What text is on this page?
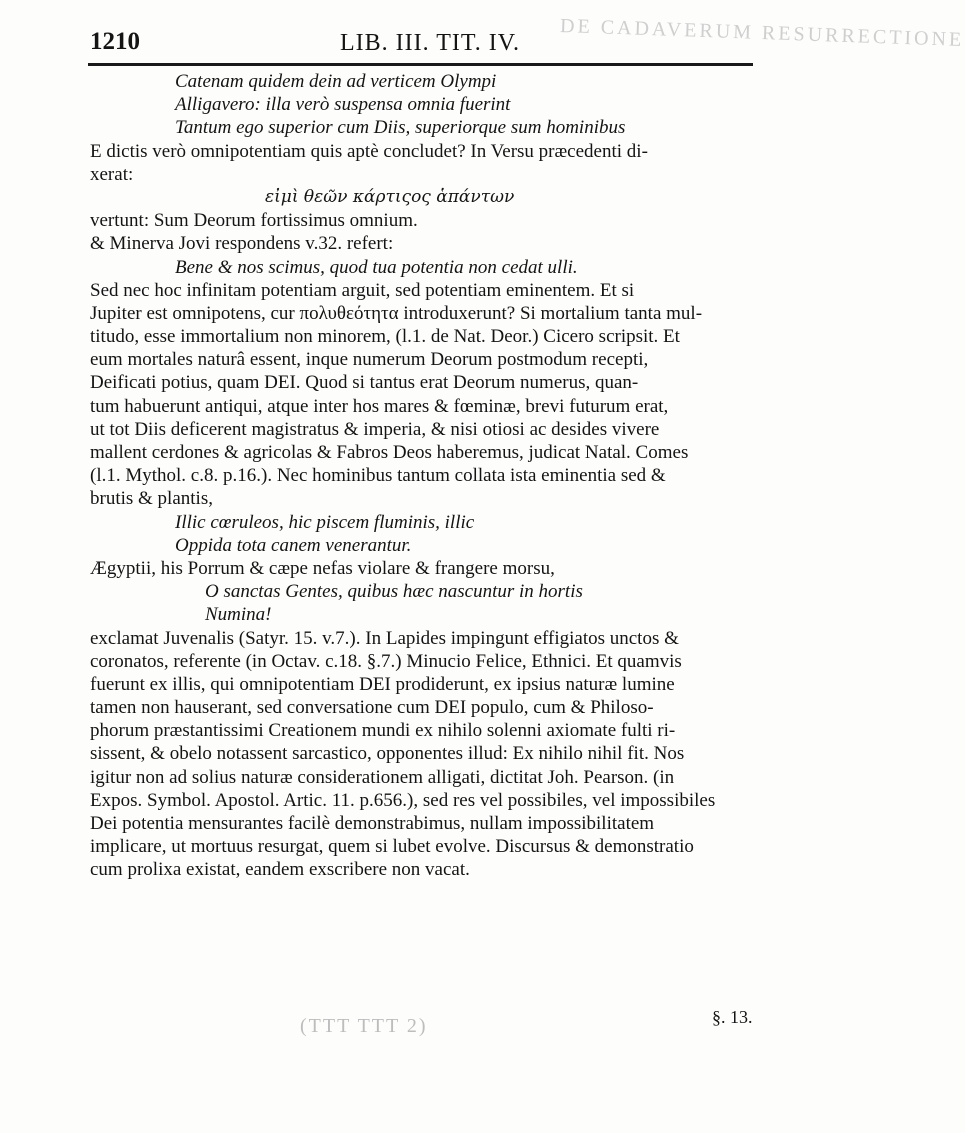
DE CADAVERUM RESURRECTIONE
1210	LIB. III. TIT. IV.
Catenam quidem dein ad verticem Olympi
Alligavero: illa verò suspensa omnia fuerint
Tantum ego superior cum Diis, superiorque sum hominibus
E dictis verò omnipotentiam quis aptè concludet? In Versu præcedenti di-
xerat:
εἰμὶ θεῶν κάρτιςος ἁπάντων
vertunt: Sum Deorum fortissimus omnium.
& Minerva Jovi respondens v.32. refert:
Bene & nos scimus, quod tua potentia non cedat ulli.
Sed nec hoc infinitam potentiam arguit, sed potentiam eminentem. Et si
Jupiter est omnipotens, cur πολυθεότητα introduxerunt? Si mortalium tanta mul-
titudo, esse immortalium non minorem, (l.1. de Nat. Deor.) Cicero scripsit. Et
eum mortales naturâ essent, inque numerum Deorum postmodum recepti,
Deificati potius, quam DEI. Quod si tantus erat Deorum numerus, quan-
tum habuerunt antiqui, atque inter hos mares & fœminæ, brevi futurum erat,
ut tot Diis deficerent magistratus & imperia, & nisi otiosi ac desides vivere
mallent cerdones & agricolas & Fabros Deos haberemus, judicat Natal. Comes
(l.1. Mythol. c.8. p.16.). Nec hominibus tantum collata ista eminentia sed &
brutis & plantis,
Illic cœruleos, hic piscem fluminis, illic
Oppida tota canem venerantur.
Ægyptii, his Porrum & cæpe nefas violare & frangere morsu,
O sanctas Gentes, quibus hæc nascuntur in hortis
Numina!
exclamat Juvenalis (Satyr. 15. v.7.). In Lapides impingunt effigiatos unctos &
coronatos, referente (in Octav. c.18. §.7.) Minucio Felice, Ethnici. Et quamvis
fuerunt ex illis, qui omnipotentiam DEI prodiderunt, ex ipsius naturæ lumine
tamen non hauserant, sed conversatione cum DEI populo, cum & Philoso-
phorum præstantissimi Creationem mundi ex nihilo solenni axiomate fulti ri-
sissent, & obelo notassent sarcastico, opponentes illud: Ex nihilo nihil fit. Nos
igitur non ad solius naturæ considerationem alligati, dictitat Joh. Pearson. (in
Expos. Symbol. Apostol. Artic. 11. p.656.), sed res vel possibiles, vel impossibiles
Dei potentia mensurantes facilè demonstrabimus, nullam impossibilitatem
implicare, ut mortuus resurgat, quem si lubet evolve. Discursus & demonstratio
cum prolixa existat, eandem exscribere non vacat.
(TTT TTT 2)	§. 13.
